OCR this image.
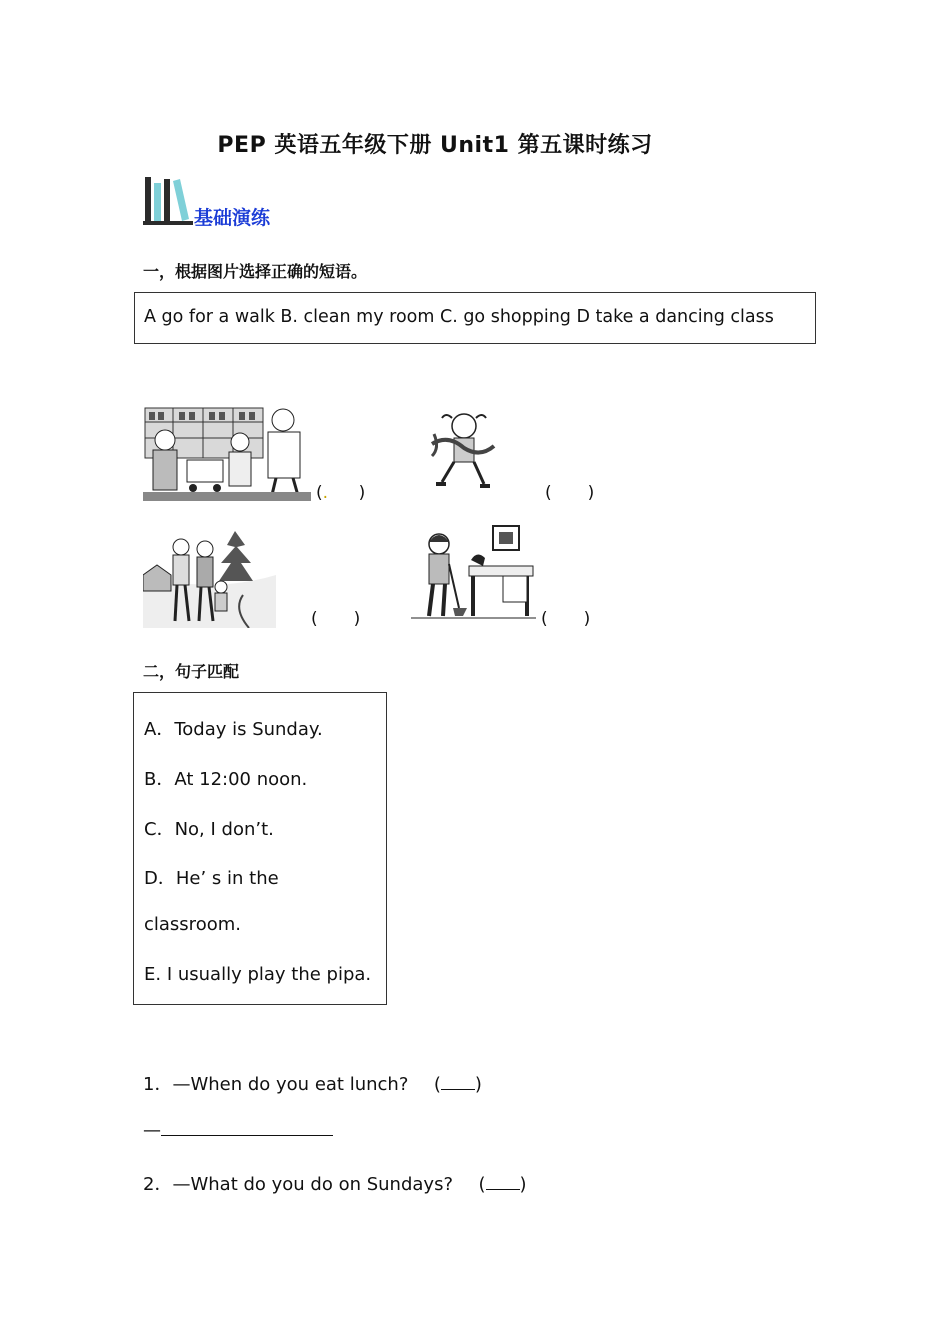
PEP 英语五年级下册 Unit1 第五课时练习
基础演练
一，根据图片选择正确的短语。
A go for a walk B. clean my room C. go shopping D take a dancing class
(. )	( )
( )	( )
二，句子匹配
A．Today is Sunday.
B．At 12:00 noon.
C．No, I don’t.
D．He’ s in the
classroom.
E. I usually play the pipa.
1．—When do you eat lunch? ( )
—
2．—What do you do on Sundays? ( )
